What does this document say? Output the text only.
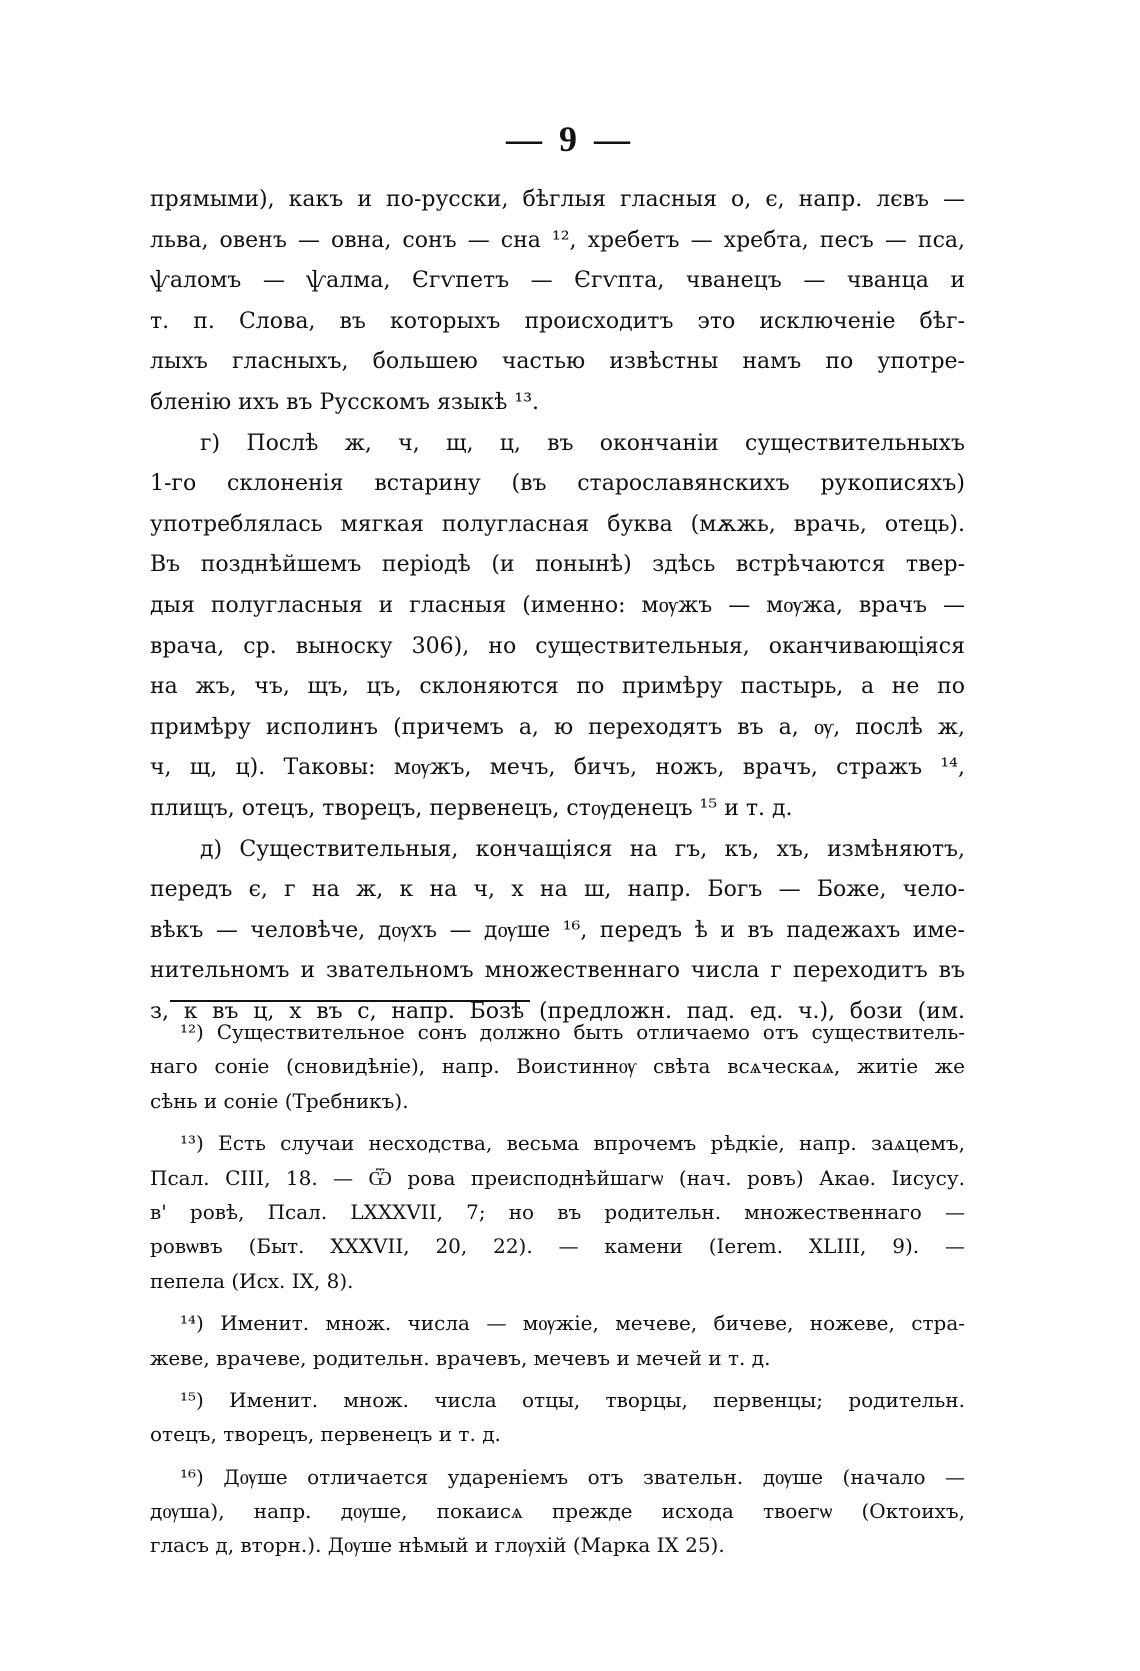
— 9 —
прямыми), какъ и по-русски, бѣглыя гласныя о, є, напр. лєвъ —
льва, овенъ — овна, сонъ — сна ¹², хребетъ — хребта, песъ — пса,
ѱаломъ — ѱалма, Єгѵпетъ — Єгѵпта, чванецъ — чванца и
т. п. Слова, въ которыхъ происходитъ это исключеніе бѣг-
лыхъ гласныхъ, большею частью извѣстны намъ по употре-
бленію ихъ въ Русскомъ языкѣ ¹³.
г) Послѣ ж, ч, щ, ц, въ окончаніи существительныхъ
1-го склоненія встарину (въ старославянскихъ рукописяхъ)
употреблялась мягкая полугласная буква (мѫжь, врачь, отець).
Въ позднѣйшемъ періодѣ (и понынѣ) здѣсь встрѣчаются твер-
дыя полугласныя и гласныя (именно: мѹжъ — мѹжа, врачъ —
врача, ср. выноску 306), но существительныя, оканчивающіяся
на жъ, чъ, щъ, цъ, склоняются по примѣру пастырь, а не по
примѣру исполинъ (причемъ а, ю переходятъ въ а, ѹ, послѣ ж,
ч, щ, ц). Таковы: мѹжъ, мечъ, бичъ, ножъ, врачъ, стражъ ¹⁴,
плищъ, отецъ, творецъ, первенецъ, стѹденецъ ¹⁵ и т. д.
д) Существительныя, кончащіяся на гъ, къ, хъ, измѣняютъ,
передъ є, г на ж, к на ч, х на ш, напр. Богъ — Боже, чело-
вѣкъ — человѣче, дѹхъ — дѹше ¹⁶, передъ ѣ и въ падежахъ име-
нительномъ и звательномъ множественнаго числа г переходитъ въ
з, к въ ц, х въ с, напр. Бозѣ (предложн. пад. ед. ч.), бози (им.
¹²) Существительное сонъ должно быть отличаемо отъ существитель-
наго соніе (сновидѣніе), напр. Воистиннѹ свѣта всѧческаѧ, житіе же
сѣнь и соніе (Требникъ).
¹³) Есть случаи несходства, весьма впрочемъ рѣдкіе, напр. заѧцемъ,
Псал. CIII, 18. — Ѿ рова преисподнѣйшагѡ (нач. ровъ) Акаѳ. Іисусу.
в' ровѣ, Псал. LXXXVII, 7; но въ родительн. множественнаго —
ровѡвъ (Быт. XXXVII, 20, 22). — камени (Ierem. XLIII, 9). —
пепела (Исх. IX, 8).
¹⁴) Именит. множ. числа — мѹжіе, мечеве, бичеве, ножеве, стра-
жеве, врачеве, родительн. врачевъ, мечевъ и мечей и т. д.
¹⁵) Именит. множ. числа отцы, творцы, первенцы; родительн.
отецъ, творецъ, первенецъ и т. д.
¹⁶) Дѹше отличается удареніемъ отъ звательн. дѹше (начало —
дѹша), напр. дѹше, покаисѧ прежде исхода твоегѡ (Октоихъ,
гласъ д, вторн.). Дѹше нѣмый и глѹхій (Марка IX 25).
